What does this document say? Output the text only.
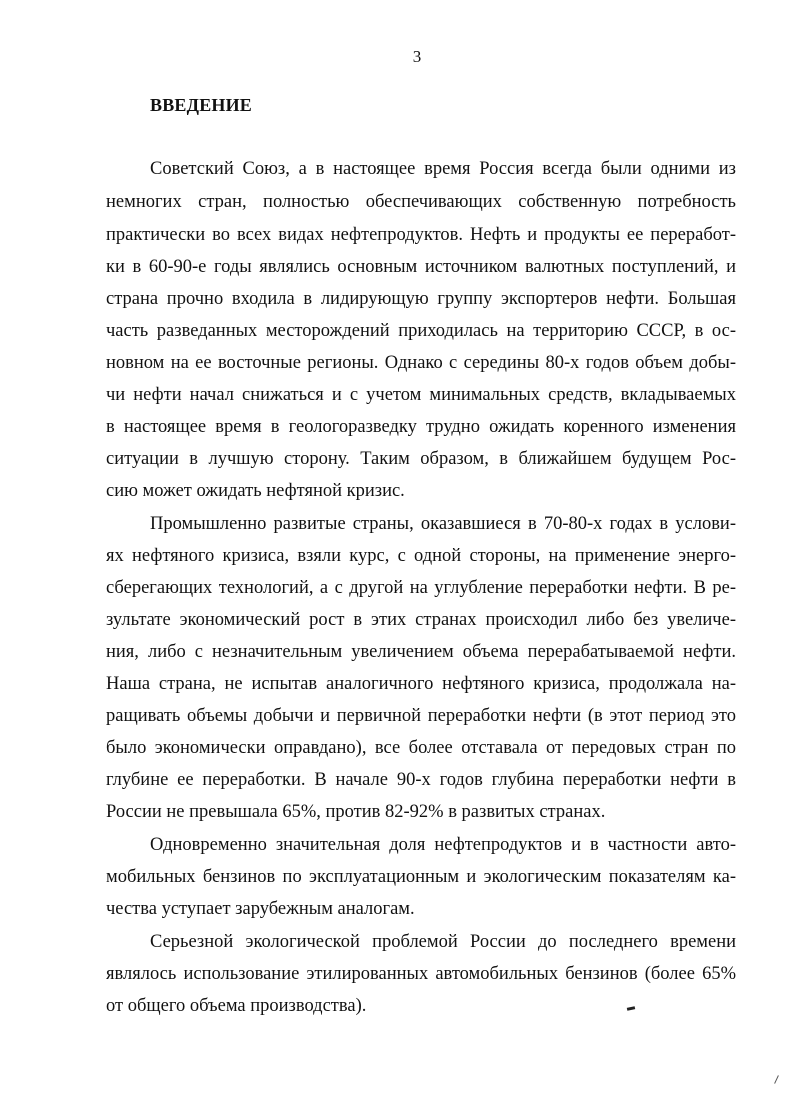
3
ВВЕДЕНИЕ
Советский Союз, а в настоящее время Россия всегда были одними из
немногих стран, полностью обеспечивающих собственную потребность
практически во всех видах нефтепродуктов. Нефть и продукты ее переработ-
ки в 60-90-е годы являлись основным источником валютных поступлений, и
страна прочно входила в лидирующую группу экспортеров нефти. Большая
часть разведанных месторождений приходилась на территорию СССР, в ос-
новном на ее восточные регионы. Однако с середины 80-х годов объем добы-
чи нефти начал снижаться и с учетом минимальных средств, вкладываемых
в настоящее время в геологоразведку трудно ожидать коренного изменения
ситуации в лучшую сторону. Таким образом, в ближайшем будущем Рос-
сию может ожидать нефтяной кризис.
Промышленно развитые страны, оказавшиеся в 70-80-х годах в услови-
ях нефтяного кризиса, взяли курс, с одной стороны, на применение энерго-
сберегающих технологий, а с другой на углубление переработки нефти. В ре-
зультате экономический рост в этих странах происходил либо без увеличе-
ния, либо с незначительным увеличением объема перерабатываемой нефти.
Наша страна, не испытав аналогичного нефтяного кризиса, продолжала на-
ращивать объемы добычи и первичной переработки нефти (в этот период это
было экономически оправдано), все более отставала от передовых стран по
глубине ее переработки. В начале 90-х годов глубина переработки нефти в
России не превышала 65%, против 82-92% в развитых странах.
Одновременно значительная доля нефтепродуктов и в частности авто-
мобильных бензинов по эксплуатационным и экологическим показателям ка-
чества уступает зарубежным аналогам.
Серьезной экологической проблемой России до последнего времени
являлось использование этилированных автомобильных бензинов (более 65%
от общего объема производства).
